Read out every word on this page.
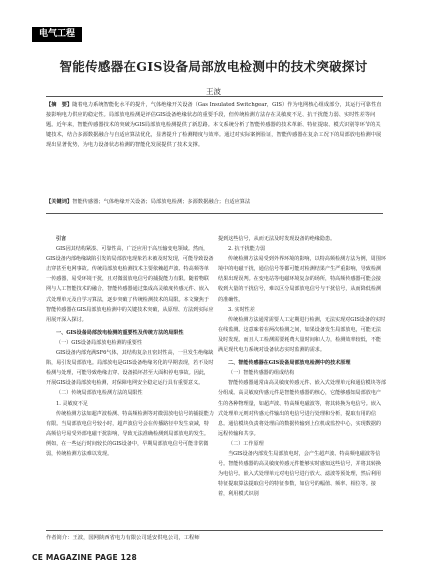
电气工程
智能传感器在GIS设备局部放电检测中的技术突破探讨
王波
【摘　要】随着电力系统智能化水平的提升，气体绝缘开关设备（Gas Insulated Switchgear，GIS）作为电网核心组成部分，其运行可靠性直接影响电力供应的稳定性。局部放电检测是评估GIS设备绝缘状态的重要手段，但传统检测方法存在灵敏度不足、抗干扰能力弱、实时性差等问题。近年来，智能传感器技术的突破为GIS局部放电检测提供了新思路。本文系统分析了智能传感器的技术革新、特征提取、模式识别等环节的关键技术，结合多源数据融合与自适应算法优化，显著提升了检测精度与效率。通过对实际案例验证，智能传感器在复杂工况下的局部放电检测中展现出显著优势，为电力设备状态检测的智能化发展提供了技术支撑。
【关键词】智能传感器；气体绝缘开关设备；局部放电检测；多源数据融合；自适应算法

引言

GIS因其结构紧凑、可靠性高，广泛应用于高压输变电领域。然而，GIS设备内部绝缘缺陷引发的局部放电现象若未被及时发现，可能导致设备击穿甚至电网事故。传统局部放电检测技术主要依赖超声波、特高频等单一传感器，易受环境干扰，且对微弱放电信号的捕捉能力有限。随着物联网与人工智能技术的融合，智能传感器通过集成高灵敏度传感元件、嵌入式处理单元及自学习算法，逐步突破了传统检测技术的局限。本文聚焦于智能传感器在GIS局部放电检测中的关键技术突破，从原理、方法到实际应用展开深入探讨。

一、GIS设备局部放电检测的重要性及传统方法的局限性

（一）GIS设备局部放电检测的重要性

GIS设备内部充满SF6气体，其结构复杂且密封性高，一旦发生绝缘缺陷，易引发局部放电。局部放电是GIS设备绝缘劣化的早期表现，若不及时检测与处理，可能导致绝缘击穿、设备损坏甚至大面积停电事故。因此，开展GIS设备局部放电检测，对保障电网安全稳定运行具有重要意义。

（二）传统局部放电检测方法的局限性

1. 灵敏度不足

传统检测方法如超声波检测、特高频检测等对微弱放电信号的捕捉能力有限。当局部放电信号较小时，超声波信号会在传播路径中发生衰减，特高频信号易受外部电磁干扰影响，导致无法准确检测到局部放电的发生。例如，在一些运行时间较长的GIS设备中，早期局部放电信号可能非常微弱，传统检测方法难以发现。

提到这些信号，从而无法及时发现设备的绝缘隐患。

2. 抗干扰能力弱

传统检测方法易受到外界环境的影响，以特高频检测方法为例，周围环境中的电磁干扰，通信信号等都可能对检测结果产生严重影响，导致检测结果出现误判。在变电站等电磁环境复杂的场所，特高频传感器可能会接收到大量的干扰信号，难以区分局部放电信号与干扰信号，从而降低检测的准确性。

3. 实时性差

传统检测方法通常需要人工定期进行检测，无法实现对GIS设备的实时在线监测。这意味着在两次检测之间，如果设备发生局部放电，可能无法及时发现。而且人工检测需要耗费大量时间和人力，检测效率较低，不能满足现代电力系统对设备状态实时监测的需求。

二、智能传感器在GIS设备局部放电检测中的技术原理

（一）智能传感器的组成结构

智能传感器通常由高灵敏度传感元件、嵌入式处理单元和通信模块等部分组成。高灵敏度传感元件是智能传感器的核心，它能够感知局部放电产生的各种物理量，如超声波、特高频电磁波等，将其转换为电信号。嵌入式处理单元则对传感元件输出的电信号进行处理和分析，提取有用的信息。通信模块负责将处理后的数据传输到上位机或监控中心，实现数据的远程传输和共享。

（二）工作原理

当GIS设备内部发生局部放电时，会产生超声波、特高频电磁波等信号。智能传感器的高灵敏度传感元件能够实时感知这些信号，并将其转换为电信号。嵌入式处理单元对电信号进行放大、滤波等预处理，然后利用特征提取算法提取信号的特征参数，如信号的幅值、频率、相位等。接着，利用模式识别

作者简介：王波，国网陕西省电力有限公司延安供电公司，工程师
CE MAGAZINE PAGE 128
